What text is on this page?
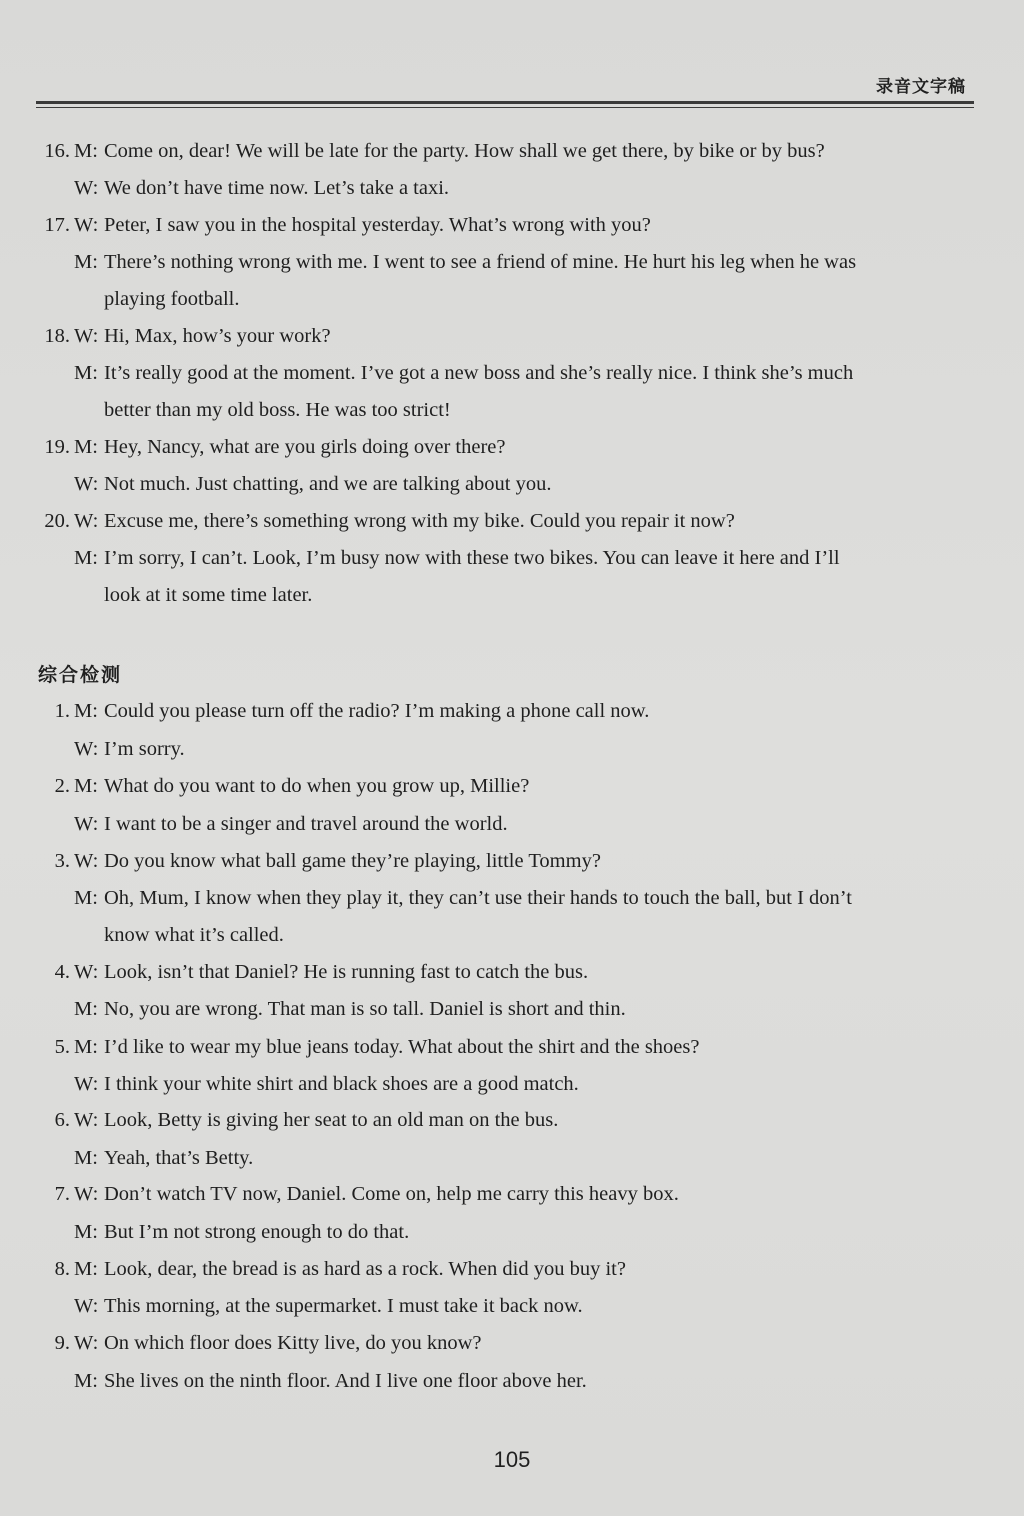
录音文字稿
16. M: Come on, dear! We will be late for the party. How shall we get there, by bike or by bus?
W: We don’t have time now. Let’s take a taxi.
17. W: Peter, I saw you in the hospital yesterday. What’s wrong with you?
M: There’s nothing wrong with me. I went to see a friend of mine. He hurt his leg when he was
playing football.
18. W: Hi, Max, how’s your work?
M: It’s really good at the moment. I’ve got a new boss and she’s really nice. I think she’s much
better than my old boss. He was too strict!
19. M: Hey, Nancy, what are you girls doing over there?
W: Not much. Just chatting, and we are talking about you.
20. W: Excuse me, there’s something wrong with my bike. Could you repair it now?
M: I’m sorry, I can’t. Look, I’m busy now with these two bikes. You can leave it here and I’ll
look at it some time later.
1. M: Could you please turn off the radio? I’m making a phone call now.
W: I’m sorry.
2. M: What do you want to do when you grow up, Millie?
W: I want to be a singer and travel around the world.
3. W: Do you know what ball game they’re playing, little Tommy?
M: Oh, Mum, I know when they play it, they can’t use their hands to touch the ball, but I don’t
know what it’s called.
4. W: Look, isn’t that Daniel? He is running fast to catch the bus.
M: No, you are wrong. That man is so tall. Daniel is short and thin.
5. M: I’d like to wear my blue jeans today. What about the shirt and the shoes?
W: I think your white shirt and black shoes are a good match.
6. W: Look, Betty is giving her seat to an old man on the bus.
M: Yeah, that’s Betty.
7. W: Don’t watch TV now, Daniel. Come on, help me carry this heavy box.
M: But I’m not strong enough to do that.
8. M: Look, dear, the bread is as hard as a rock. When did you buy it?
W: This morning, at the supermarket. I must take it back now.
9. W: On which floor does Kitty live, do you know?
M: She lives on the ninth floor. And I live one floor above her.
综合检测
105
